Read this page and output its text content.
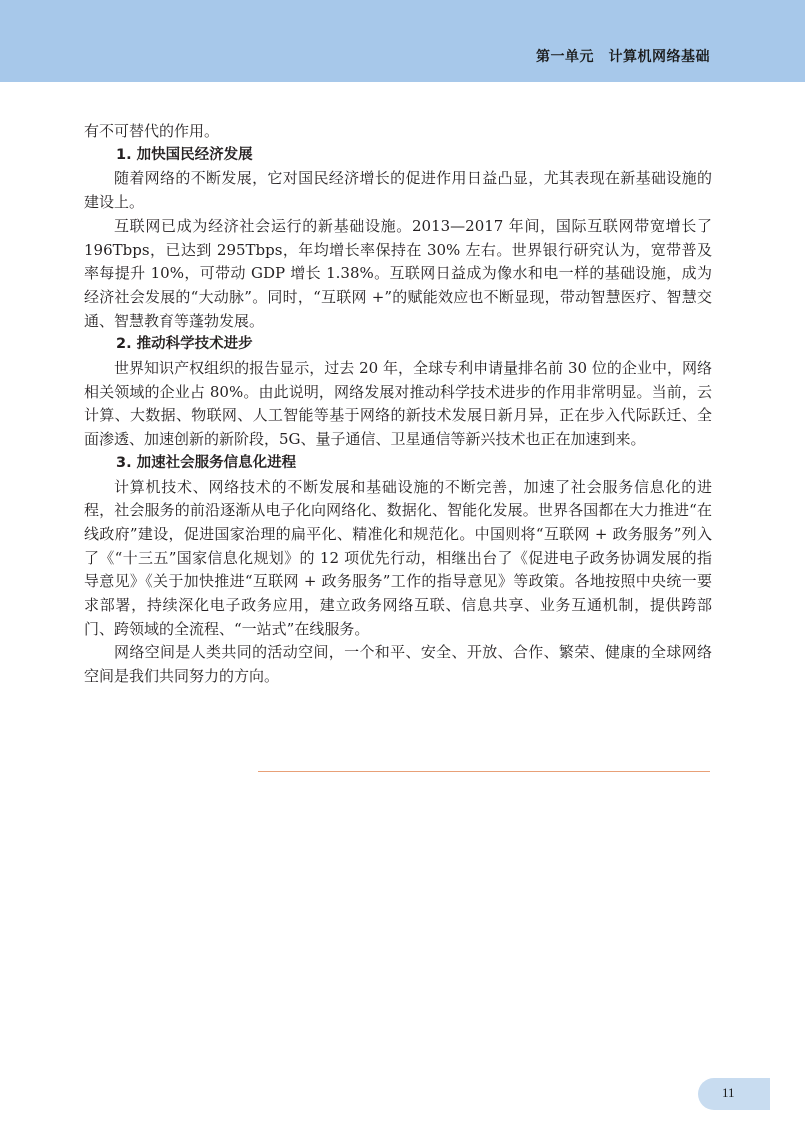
第一单元　计算机网络基础

有不可替代的作用。

1. 加快国民经济发展

随着网络的不断发展，它对国民经济增长的促进作用日益凸显，尤其表现在新基础设施的建设上。

互联网已成为经济社会运行的新基础设施。2013—2017 年间，国际互联网带宽增长了 196Tbps，已达到 295Tbps，年均增长率保持在 30% 左右。世界银行研究认为，宽带普及率每提升 10%，可带动 GDP 增长 1.38%。互联网日益成为像水和电一样的基础设施，成为经济社会发展的“大动脉”。同时，“互联网 +”的赋能效应也不断显现，带动智慧医疗、智慧交通、智慧教育等蓬勃发展。

2. 推动科学技术进步

世界知识产权组织的报告显示，过去 20 年，全球专利申请量排名前 30 位的企业中，网络相关领域的企业占 80%。由此说明，网络发展对推动科学技术进步的作用非常明显。当前，云计算、大数据、物联网、人工智能等基于网络的新技术发展日新月异，正在步入代际跃迁、全面渗透、加速创新的新阶段，5G、量子通信、卫星通信等新兴技术也正在加速到来。

3. 加速社会服务信息化进程

计算机技术、网络技术的不断发展和基础设施的不断完善，加速了社会服务信息化的进程，社会服务的前沿逐渐从电子化向网络化、数据化、智能化发展。世界各国都在大力推进“在线政府”建设，促进国家治理的扁平化、精准化和规范化。中国则将“互联网 + 政务服务”列入了《“十三五”国家信息化规划》的 12 项优先行动，相继出台了《促进电子政务协调发展的指导意见》《关于加快推进“互联网 + 政务服务”工作的指导意见》等政策。各地按照中央统一要求部署，持续深化电子政务应用，建立政务网络互联、信息共享、业务互通机制，提供跨部门、跨领域的全流程、“一站式”在线服务。

网络空间是人类共同的活动空间，一个和平、安全、开放、合作、繁荣、健康的全球网络空间是我们共同努力的方向。

11
